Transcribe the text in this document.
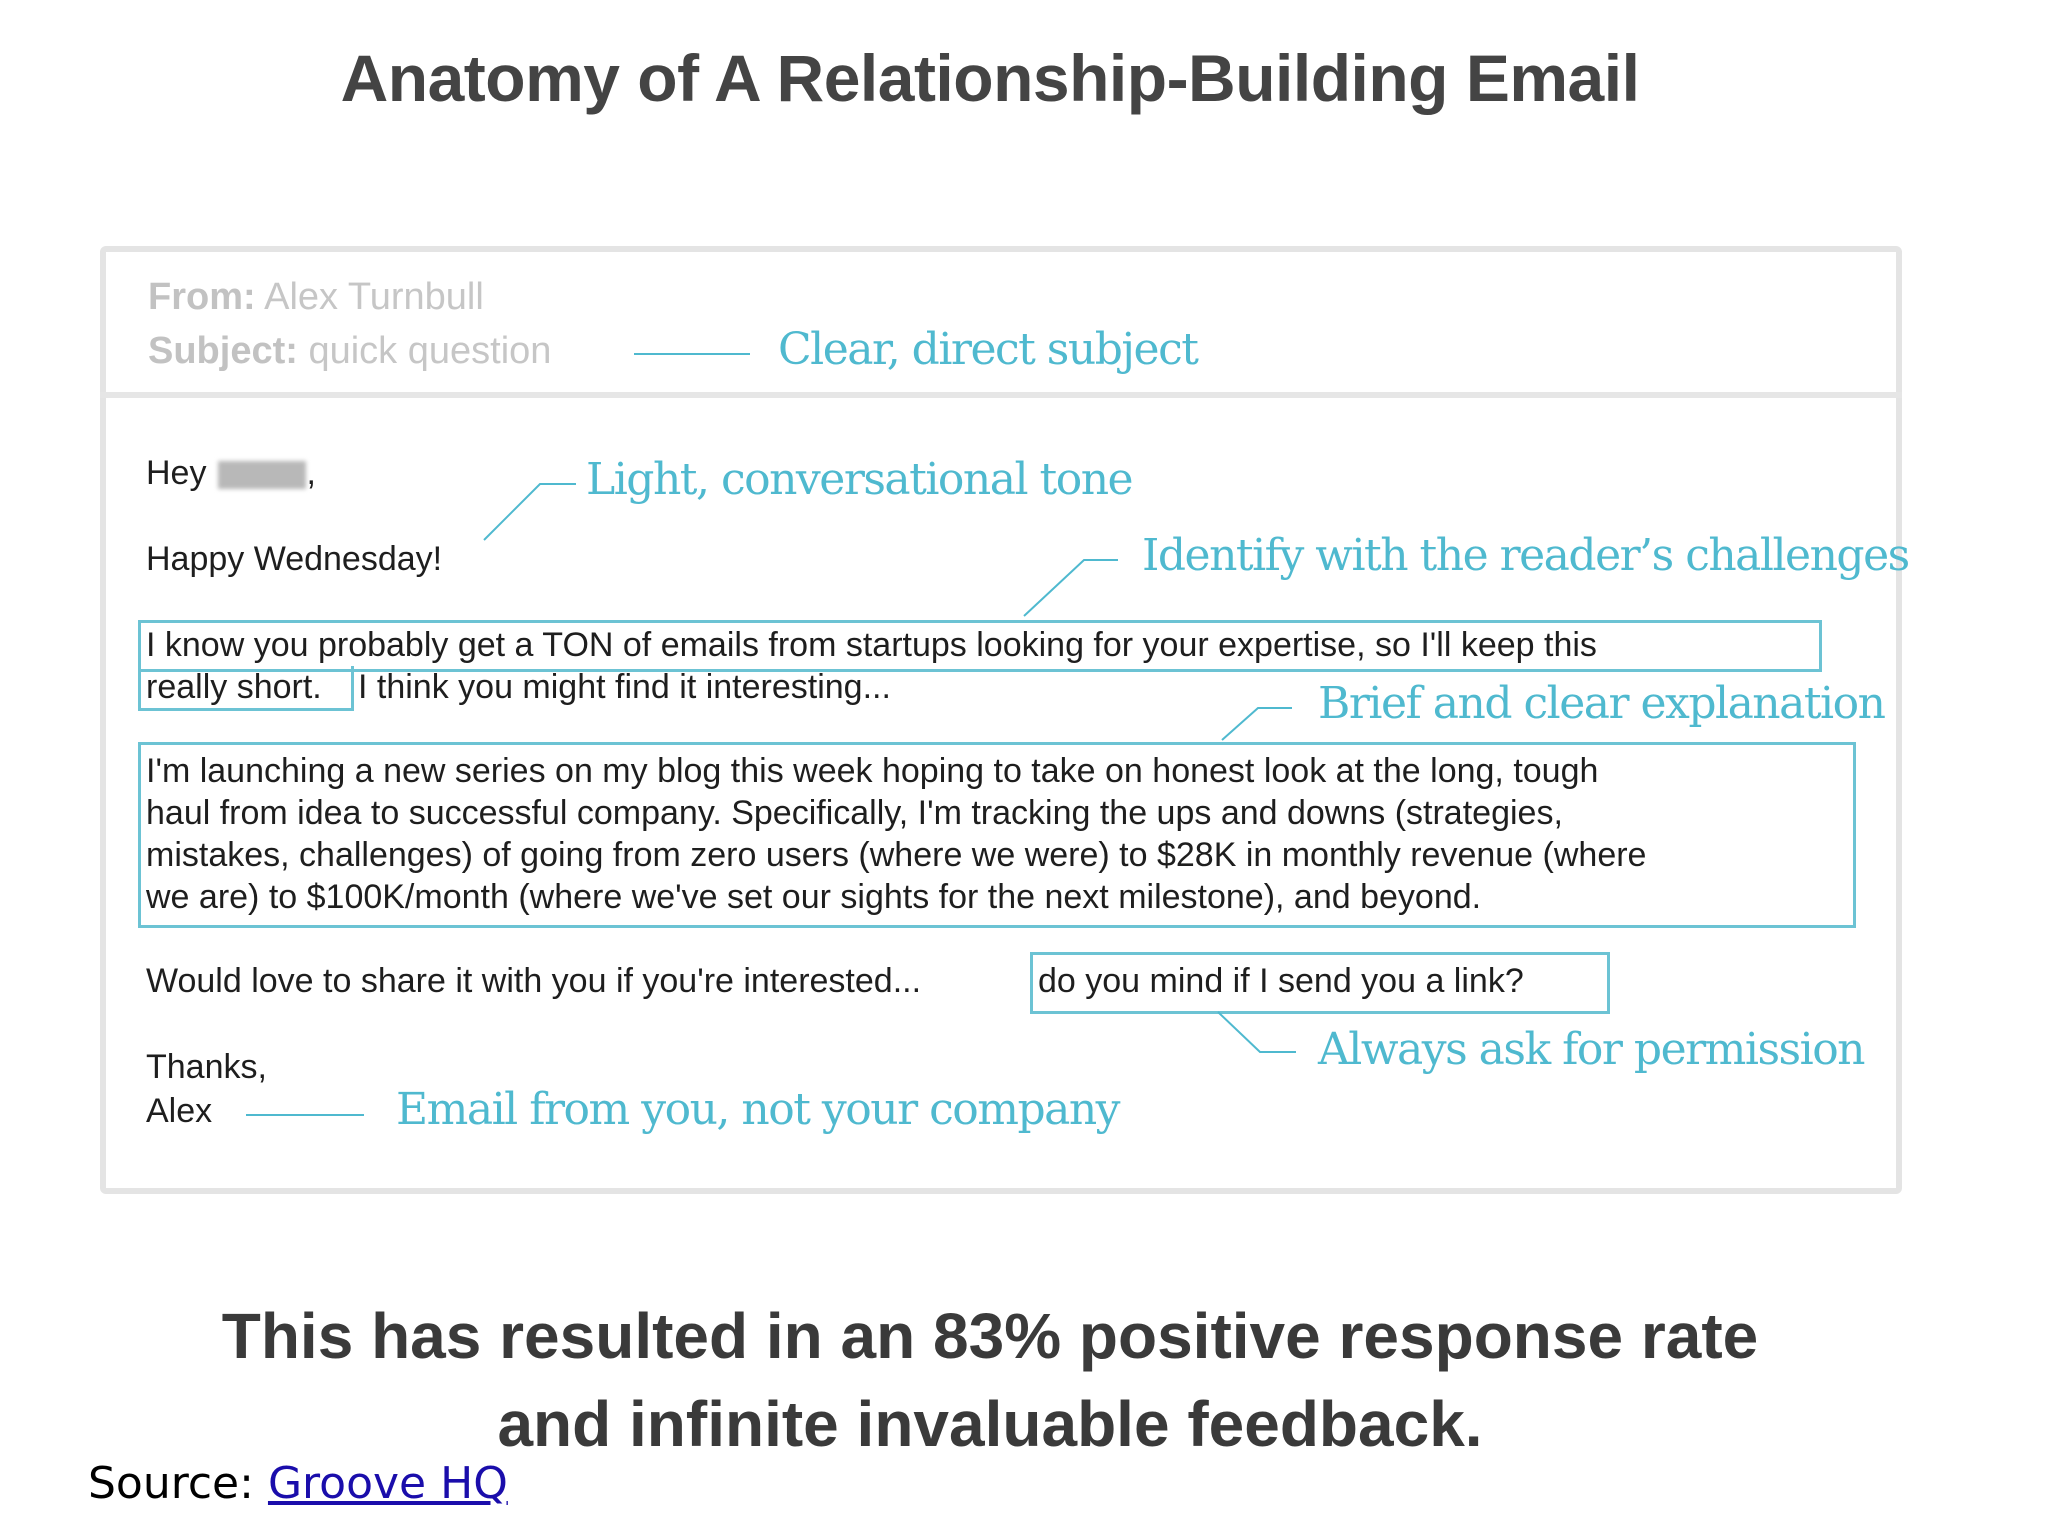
Anatomy of A Relationship-Building Email
From: Alex Turnbull
Subject: quick question	Clear, direct subject
Hey	,	Light, conversational tone
Happy Wednesday!	Identify with the reader’s challenges
I know you probably get a TON of emails from startups looking for your expertise, so I'll keep this
really short. I think you might find it interesting...	Brief and clear explanation
I'm launching a new series on my blog this week hoping to take on honest look at the long, tough
haul from idea to successful company. Specifically, I'm tracking the ups and downs (strategies,
mistakes, challenges) of going from zero users (where we were) to $28K in monthly revenue (where
we are) to $100K/month (where we've set our sights for the next milestone), and beyond.
Would love to share it with you if you're interested...	do you mind if I send you a link?
Always ask for permission
Thanks,
Alex	Email from you, not your company
This has resulted in an 83% positive response rate
and infinite invaluable feedback.
Source: Groove HQ
